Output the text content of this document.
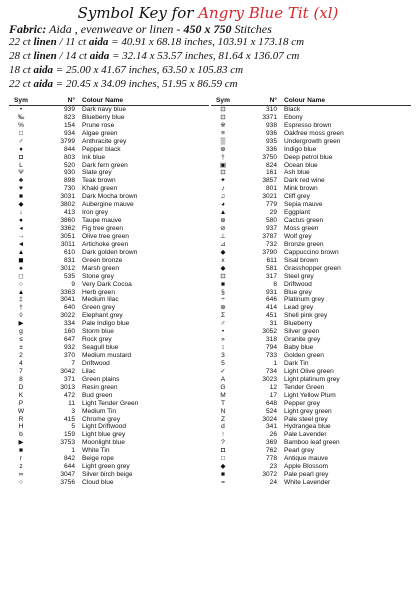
Symbol Key for Angry Blue Tit (xl)
Fabric: Aida , evenweave or linen - 450 x 750 Stitches
22 ct linen / 11 ct aida = 40.91 x 68.18 inches, 103.91 x 173.18 cm
28 ct linen / 14 ct aida = 32.14 x 53.57 inches, 81.64 x 136.07 cm
18 ct aida = 25.00 x 41.67 inches, 63.50 x 105.83 cm
22 ct aida = 20.45 x 34.09 inches, 51.95 x 86.59 cm
Sym	N° Colour Name
•	939 Dark navy blue
‰	823 Blueberry blue
%	154 Prune rose
□	934 Algae green
♂	3799 Anthracite grey
♦	844 Pepper black
◘	803 Ink blue
L	520 Dark fern green
Ψ	930 Slate grey
♣	898 Teak brown
♥	730 Khaki green
■	3031 Dark Mocha brown
◆	3802 Aubergine mauve
↓	413 Iron grey
●	3860 Taupe mauve
◂	3362 Fig tree green
→	3051 Olive tree green
◄	3011 Artichoke green
▲	610 Dark golden brown
◼	831 Green bronze
♠	3012 Marsh green
◻	535 Stone grey
○	9 Very Dark Cocoa
▲	3363 Herb green
‡	3041 Medium lilac
†	640 Green grey
◊	3022 Elephant grey
▶	334 Pale Indigo blue
g	160 Storm blue
≤	647 Rock grey
±	932 Seagull blue
2	370 Medium mustard
4	7 Driftwood
7	3042 Lilac
8	371 Green plains
D	3013 Resin green
K	472 Bud green
P	11 Light Tender Green
W	3 Medium Tin
R	415 Chrome grey
H	5 Light Driftwood
b	159 Light blue grey
▶	3753 Moonlight blue
■	1 White Tin
r	842 Beige rope
z	644 Light green grey
∞	3047 Silver birch beige
○	3756 Cloud blue
Sym	N° Colour Name
⊡	310 Black
⊡	3371 Ebony
※	938 Espresso brown
≡	936 Oakfree moss green
▒	935 Undergrowth green
⊕	336 Indigo blue
†	3750 Deep petrol blue
▣	824 Ocean blue
⊡	161 Ash blue
✦	3857 Dark red wine
♪	801 Mink brown
♫	3021 Cliff grey
◕	779 Sepia mauve
▲	29 Eggplant
⊕	580 Cactus green
⊘	937 Moss green
⊥	3787 Wolf grey
⊿	732 Bronze green
◆	3790 Cappuccino brown
x	611 Sisal brown
◆	581 Grasshopper green
⊡	317 Steel grey
■	8 Driftwood
§	931 Blue grey
÷	646 Platinum grey
⊕	414 Lead grey
Σ	451 Shell pink grey
♂	31 Blueberry
•	3052 Silver green
»	318 Granite grey
↕	794 Baby blue
3	733 Golden green
5	1 Dark Tin
✓	734 Light Olive green
A	3023 Light platinum grey
G	12 Tender Green
M	17 Light Yellow Plum
T	648 Pepper grey
N	524 Light grey green
Z	3024 Pale steel grey
d	341 Hydrangea blue
↑	26 Pale Lavender
?	369 Bamboo leaf green
◘	762 Pearl grey
□	778 Antique mauve
◆	23 Apple Blossom
■	3072 Pale pearl grey
=	24 White Lavender
